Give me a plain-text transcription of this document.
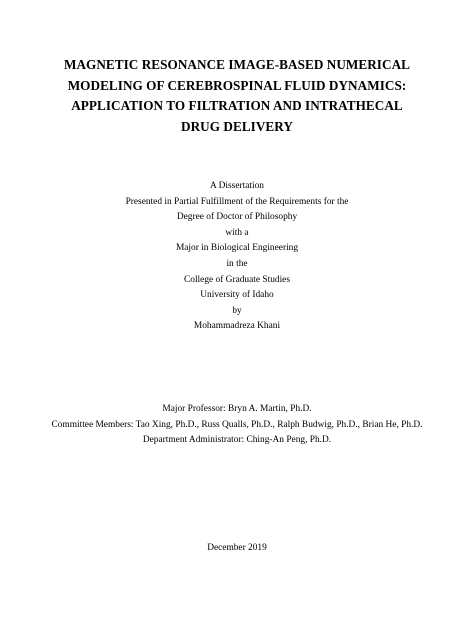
MAGNETIC RESONANCE IMAGE-BASED NUMERICAL
MODELING OF CEREBROSPINAL FLUID DYNAMICS:
APPLICATION TO FILTRATION AND INTRATHECAL
DRUG DELIVERY
A Dissertation
Presented in Partial Fulfillment of the Requirements for the
Degree of Doctor of Philosophy
with a
Major in Biological Engineering
in the
College of Graduate Studies
University of Idaho
by
Mohammadreza Khani
Major Professor: Bryn A. Martin, Ph.D.
Committee Members: Tao Xing, Ph.D., Russ Qualls, Ph.D., Ralph Budwig, Ph.D., Brian He, Ph.D.
Department Administrator: Ching-An Peng, Ph.D.
December 2019
